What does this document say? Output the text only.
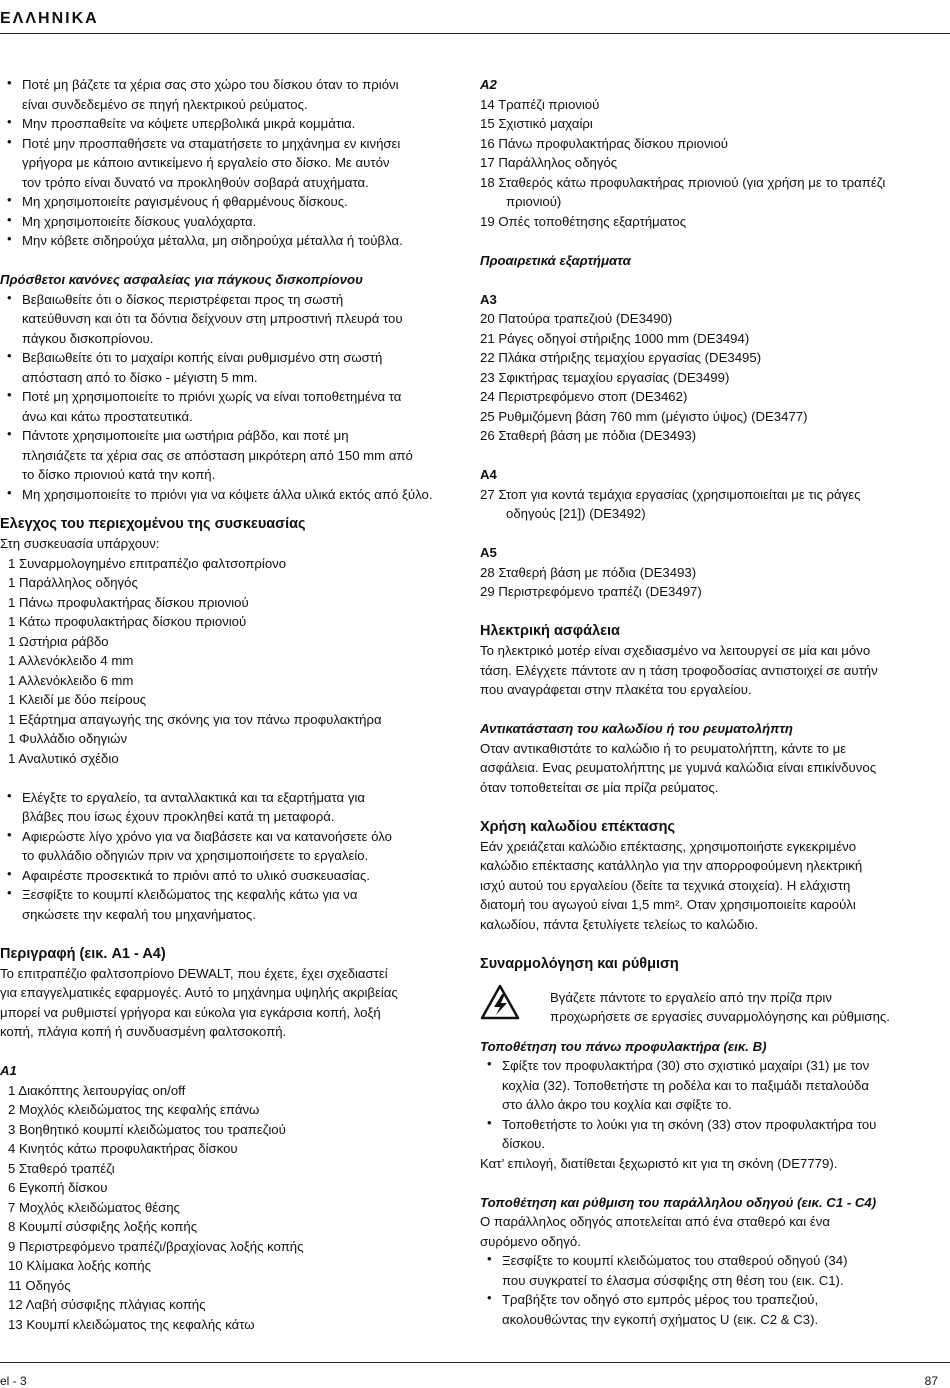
ΕΛΛΗΝΙΚΑ
• Ποτέ μη βάζετε τα χέρια σας στο χώρο του δίσκου όταν το πριόνι
είναι συνδεδεμένο σε πηγή ηλεκτρικού ρεύματος.
• Μην προσπαθείτε να κόψετε υπερβολικά μικρά κομμάτια.
• Ποτέ μην προσπαθήσετε να σταματήσετε το μηχάνημα εν κινήσει
γρήγορα με κάποιο αντικείμενο ή εργαλείο στο δίσκο. Με αυτόν
τον τρόπο είναι δυνατό να προκληθούν σοβαρά ατυχήματα.
• Μη χρησιμοποιείτε ραγισμένους ή φθαρμένους δίσκους.
• Μη χρησιμοποιείτε δίσκους γυαλόχαρτα.
• Μην κόβετε σιδηρούχα μέταλλα, μη σιδηρούχα μέταλλα ή τούβλα.
Πρόσθετοι κανόνες ασφαλείας για πάγκους δισκοπρίονου
• Βεβαιωθείτε ότι ο δίσκος περιστρέφεται προς τη σωστή
κατεύθυνση και ότι τα δόντια δείχνουν στη μπροστινή πλευρά του
πάγκου δισκοπρίονου.
• Βεβαιωθείτε ότι το μαχαίρι κοπής είναι ρυθμισμένο στη σωστή
απόσταση από το δίσκο - μέγιστη 5 mm.
• Ποτέ μη χρησιμοποιείτε το πριόνι χωρίς να είναι τοποθετημένα τα
άνω και κάτω προστατευτικά.
• Πάντοτε χρησιμοποιείτε μια ωστήρια ράβδο, και ποτέ μη
πλησιάζετε τα χέρια σας σε απόσταση μικρότερη από 150 mm από
το δίσκο πριονιού κατά την κοπή.
• Μη χρησιμοποιείτε το πριόνι για να κόψετε άλλα υλικά εκτός από ξύλο.
Ελεγχος του περιεχομένου της συσκευασίας
Στη συσκευασία υπάρχουν:
1 Συναρμολογημένο επιτραπέζιο φαλτσοπρίονο
1 Παράλληλος οδηγός
1 Πάνω προφυλακτήρας δίσκου πριονιού
1 Κάτω προφυλακτήρας δίσκου πριονιού
1 Ωστήρια ράβδο
1 Αλλενόκλειδο 4 mm
1 Αλλενόκλειδο 6 mm
1 Κλειδί με δύο πείρους
1 Εξάρτημα απαγωγής της σκόνης για τον πάνω προφυλακτήρα
1 Φυλλάδιο οδηγιών
1 Αναλυτικό σχέδιο
• Ελέγξτε το εργαλείο, τα ανταλλακτικά και τα εξαρτήματα για
βλάβες που ίσως έχουν προκληθεί κατά τη μεταφορά.
• Αφιερώστε λίγο χρόνο για να διαβάσετε και να κατανοήσετε όλο
το φυλλάδιο οδηγιών πριν να χρησιμοποιήσετε το εργαλείο.
• Αφαιρέστε προσεκτικά το πριόνι από το υλικό συσκευασίας.
• Ξεσφίξτε το κουμπί κλειδώματος της κεφαλής κάτω για να
σηκώσετε την κεφαλή του μηχανήματος.
Περιγραφή (εικ. A1 - A4)
Το επιτραπέζιο φαλτσοπρίονο DEWALT, που έχετε, έχει σχεδιαστεί
για επαγγελματικές εφαρμογές. Αυτό το μηχάνημα υψηλής ακριβείας
μπορεί να ρυθμιστεί γρήγορα και εύκολα για εγκάρσια κοπή, λοξή
κοπή, πλάγια κοπή ή συνδυασμένη φαλτσοκοπή.
A1
1 Διακόπτης λειτουργίας on/off
2 Μοχλός κλειδώματος της κεφαλής επάνω
3 Βοηθητικό κουμπί κλειδώματος του τραπεζιού
4 Κινητός κάτω προφυλακτήρας δίσκου
5 Σταθερό τραπέζι
6 Εγκοπή δίσκου
7 Μοχλός κλειδώματος θέσης
8 Κουμπί σύσφιξης λοξής κοπής
9 Περιστρεφόμενο τραπέζι/βραχίονας λοξής κοπής
10 Κλίμακα λοξής κοπής
11 Οδηγός
12 Λαβή σύσφιξης πλάγιας κοπής
13 Κουμπί κλειδώματος της κεφαλής κάτω
A2
14 Τραπέζι πριονιού
15 Σχιστικό μαχαίρι
16 Πάνω προφυλακτήρας δίσκου πριονιού
17 Παράλληλος οδηγός
18 Σταθερός κάτω προφυλακτήρας πριονιού (για χρήση με το τραπέζι
πριονιού)
19 Οπές τοποθέτησης εξαρτήματος
Προαιρετικά εξαρτήματα
A3
20 Πατούρα τραπεζιού (DE3490)
21 Ράγες οδηγοί στήριξης 1000 mm (DE3494)
22 Πλάκα στήριξης τεμαχίου εργασίας (DE3495)
23 Σφικτήρας τεμαχίου εργασίας (DE3499)
24 Περιστρεφόμενο στοπ (DE3462)
25 Ρυθμιζόμενη βάση 760 mm (μέγιστο ύψος) (DE3477)
26 Σταθερή βάση με πόδια (DE3493)
A4
27 Στοπ για κοντά τεμάχια εργασίας (χρησιμοποιείται με τις ράγες
οδηγούς [21]) (DE3492)
A5
28 Σταθερή βάση με πόδια (DE3493)
29 Περιστρεφόμενο τραπέζι (DE3497)
Ηλεκτρική ασφάλεια
Το ηλεκτρικό μοτέρ είναι σχεδιασμένο να λειτουργεί σε μία και μόνο
τάση. Ελέγχετε πάντοτε αν η τάση τροφοδοσίας αντιστοιχεί σε αυτήν
που αναγράφεται στην πλακέτα του εργαλείου.
Αντικατάσταση του καλωδίου ή του ρευματολήπτη
Οταν αντικαθιστάτε το καλώδιο ή το ρευματολήπτη, κάντε το με
ασφάλεια. Ενας ρευματολήπτης με γυμνά καλώδια είναι επικίνδυνος
όταν τοποθετείται σε μία πρίζα ρεύματος.
Χρήση καλωδίου επέκτασης
Εάν χρειάζεται καλώδιο επέκτασης, χρησιμοποιήστε εγκεκριμένο
καλώδιο επέκτασης κατάλληλο για την απορροφούμενη ηλεκτρική
ισχύ αυτού του εργαλείου (δείτε τα τεχνικά στοιχεία). Η ελάχιστη
διατομή του αγωγού είναι 1,5 mm². Οταν χρησιμοποιείτε καρούλι
καλωδίου, πάντα ξετυλίγετε τελείως το καλώδιο.
Συναρμολόγηση και ρύθμιση
Βγάζετε πάντοτε το εργαλείο από την πρίζα πριν
προχωρήσετε σε εργασίες συναρμολόγησης και ρύθμισης.
Τοποθέτηση του πάνω προφυλακτήρα (εικ. B)
• Σφίξτε τον προφυλακτήρα (30) στο σχιστικό μαχαίρι (31) με τον
κοχλία (32). Τοποθετήστε τη ροδέλα και το παξιμάδι πεταλούδα
στο άλλο άκρο του κοχλία και σφίξτε το.
• Τοποθετήστε το λούκι για τη σκόνη (33) στον προφυλακτήρα του
δίσκου.
Κατ’ επιλογή, διατίθεται ξεχωριστό κιτ για τη σκόνη (DE7779).
Τοποθέτηση και ρύθμιση του παράλληλου οδηγού (εικ. C1 - C4)
Ο παράλληλος οδηγός αποτελείται από ένα σταθερό και ένα
συρόμενο οδηγό.
• Ξεσφίξτε το κουμπί κλειδώματος του σταθερού οδηγού (34)
που συγκρατεί το έλασμα σύσφιξης στη θέση του (εικ. C1).
• Τραβήξτε τον οδηγό στο εμπρός μέρος του τραπεζιού,
ακολουθώντας την εγκοπή σχήματος U (εικ. C2 & C3).
el - 3	87
